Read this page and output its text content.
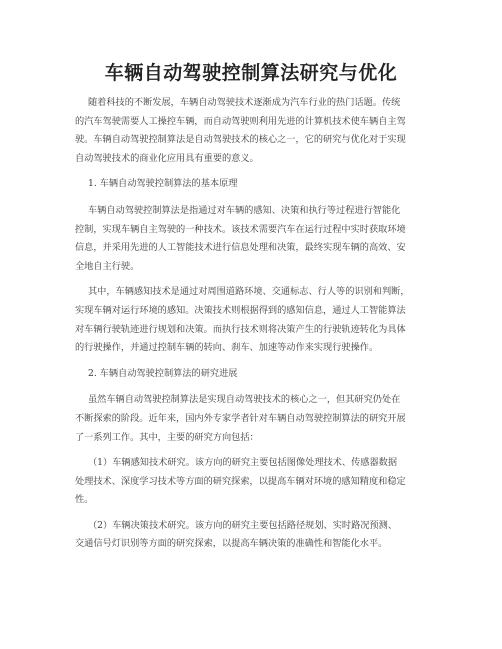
车辆自动驾驶控制算法研究与优化
随着科技的不断发展，车辆自动驾驶技术逐渐成为汽车行业的热门话题。传统
的汽车驾驶需要人工操控车辆，而自动驾驶则利用先进的计算机技术使车辆自主驾
驶。车辆自动驾驶控制算法是自动驾驶技术的核心之一，它的研究与优化对于实现
自动驾驶技术的商业化应用具有重要的意义。
1. 车辆自动驾驶控制算法的基本原理
车辆自动驾驶控制算法是指通过对车辆的感知、决策和执行等过程进行智能化
控制，实现车辆自主驾驶的一种技术。该技术需要汽车在运行过程中实时获取环境
信息，并采用先进的人工智能技术进行信息处理和决策，最终实现车辆的高效、安
全地自主行驶。
其中，车辆感知技术是通过对周围道路环境、交通标志、行人等的识别和判断，
实现车辆对运行环境的感知。决策技术则根据得到的感知信息，通过人工智能算法
对车辆行驶轨迹进行规划和决策。而执行技术则将决策产生的行驶轨迹转化为具体
的行驶操作，并通过控制车辆的转向、刹车、加速等动作来实现行驶操作。
2. 车辆自动驾驶控制算法的研究进展
虽然车辆自动驾驶控制算法是实现自动驾驶技术的核心之一，但其研究仍处在
不断探索的阶段。近年来，国内外专家学者针对车辆自动驾驶控制算法的研究开展
了一系列工作。其中，主要的研究方向包括：
（1）车辆感知技术研究。该方向的研究主要包括图像处理技术、传感器数据
处理技术、深度学习技术等方面的研究探索，以提高车辆对环境的感知精度和稳定
性。
（2）车辆决策技术研究。该方向的研究主要包括路径规划、实时路况预测、
交通信号灯识别等方面的研究探索，以提高车辆决策的准确性和智能化水平。
